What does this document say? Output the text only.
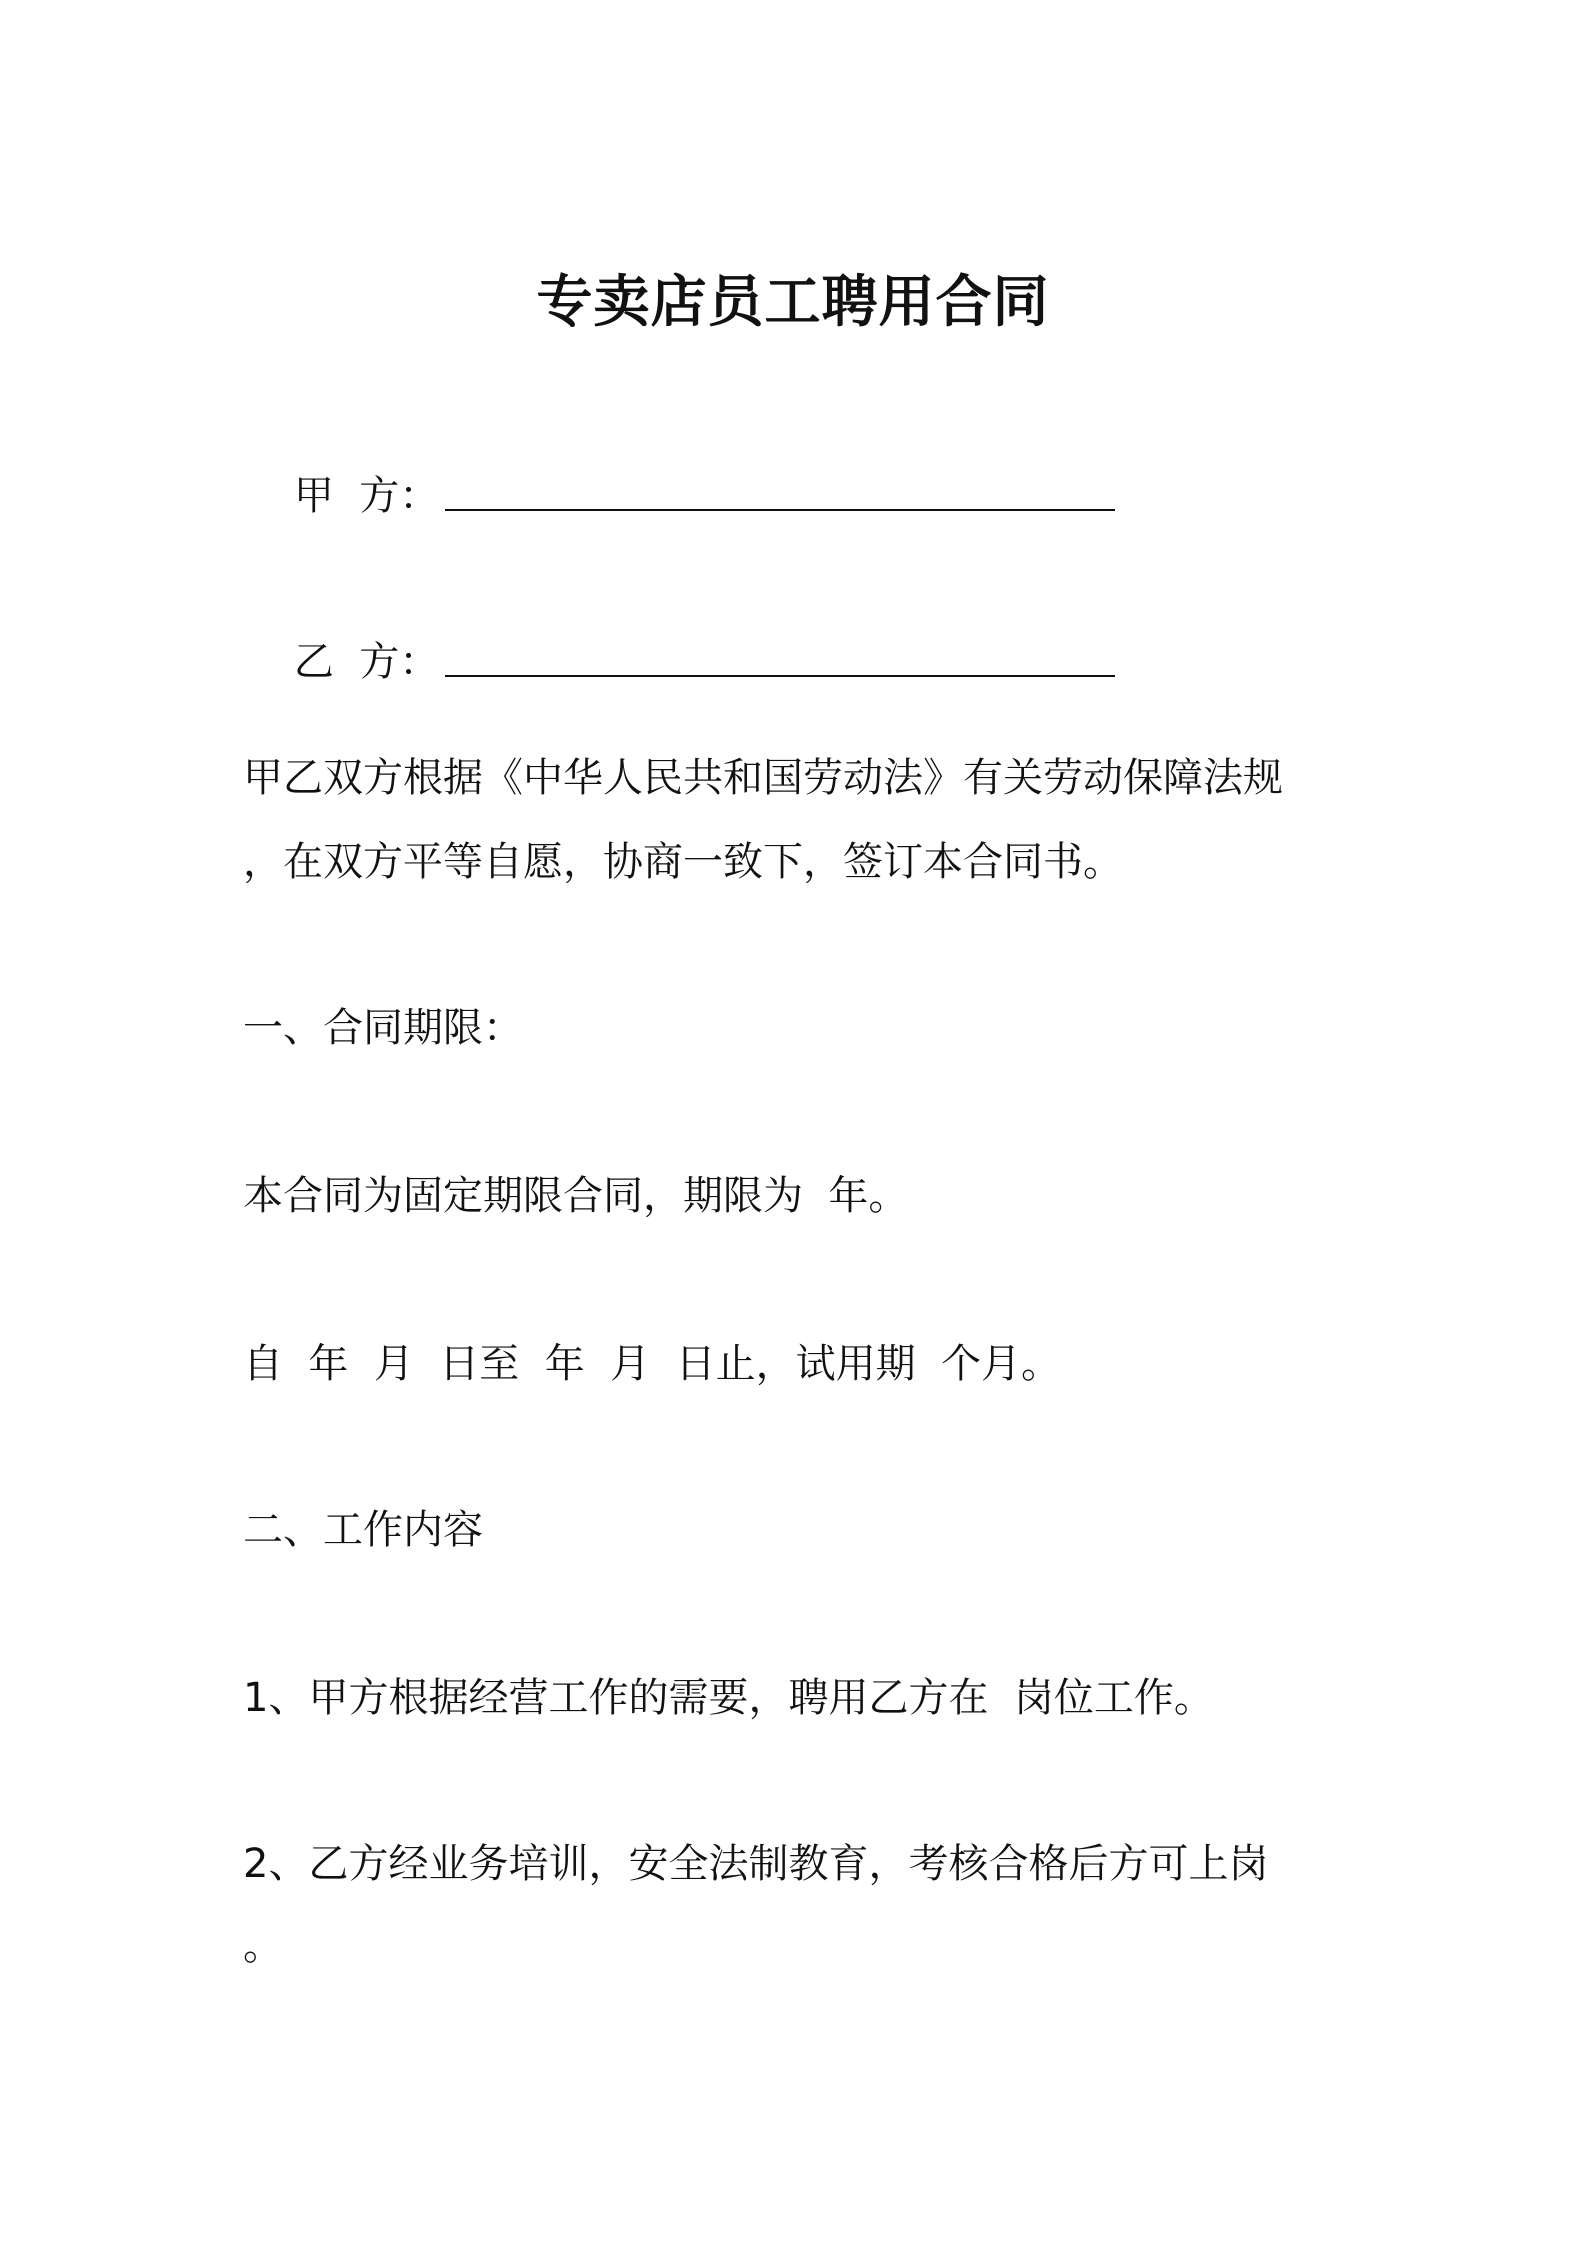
专卖店员工聘用合同

甲  方：

乙  方：

甲乙双方根据《中华人民共和国劳动法》有关劳动保障法规
，在双方平等自愿，协商一致下，签订本合同书。
一、合同期限：
本合同为固定期限合同，期限为  年。
自  年  月  日至  年  月  日止，试用期  个月。
二、工作内容
1、甲方根据经营工作的需要，聘用乙方在  岗位工作。
2、乙方经业务培训，安全法制教育，考核合格后方可上岗
。
